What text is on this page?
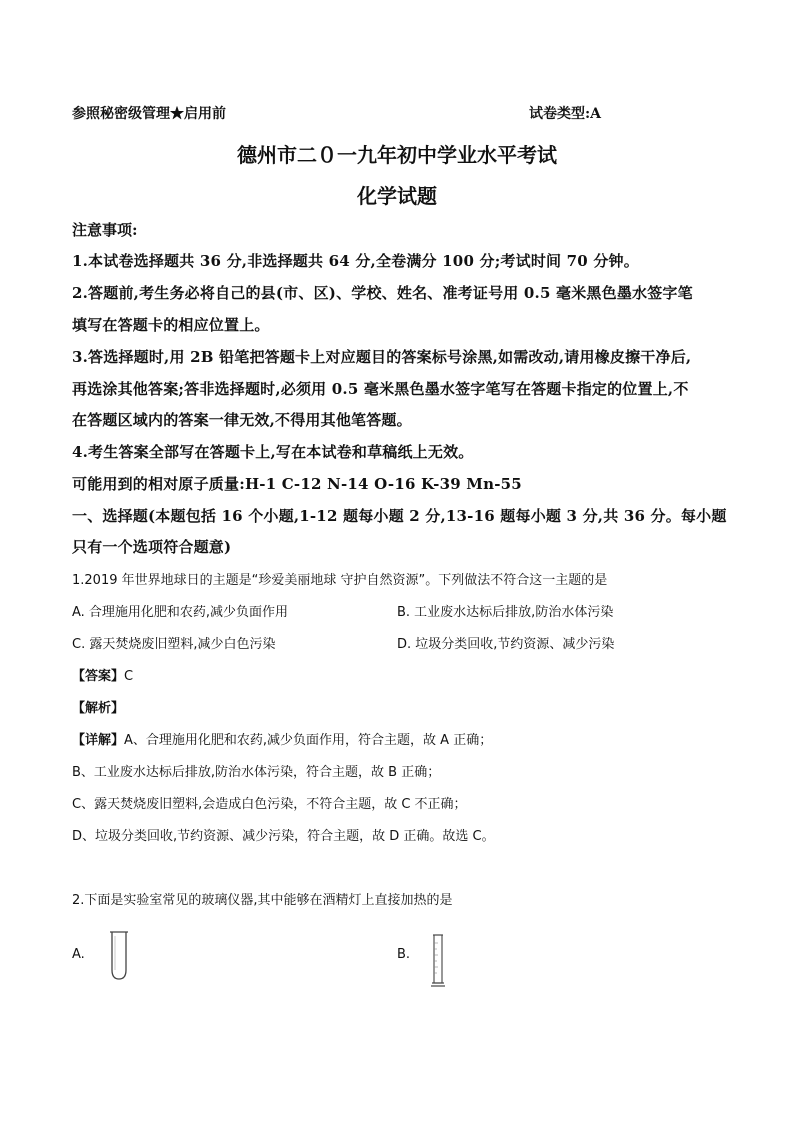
参照秘密级管理★启用前	试卷类型:A
德州市二０一九年初中学业水平考试
化学试题
注意事项:
1.本试卷选择题共 36 分,非选择题共 64 分,全卷满分 100 分;考试时间 70 分钟。
2.答题前,考生务必将自己的县(市、区)、学校、姓名、准考证号用 0.5 毫米黑色墨水签字笔
填写在答题卡的相应位置上。
3.答选择题时,用 2B 铅笔把答题卡上对应题目的答案标号涂黑,如需改动,请用橡皮擦干净后,
再选涂其他答案;答非选择题时,必须用 0.5 毫米黑色墨水签字笔写在答题卡指定的位置上,不
在答题区域内的答案一律无效,不得用其他笔答题。
4.考生答案全部写在答题卡上,写在本试卷和草稿纸上无效。
可能用到的相对原子质量:H-1 C-12 N-14 O-16 K-39 Mn-55
一、选择题(本题包括 16 个小题,1-12 题每小题 2 分,13-16 题每小题 3 分,共 36 分。每小题
只有一个选项符合题意)
1.2019 年世界地球日的主题是“珍爱美丽地球 守护自然资源”。下列做法不符合这一主题的是
A. 合理施用化肥和农药,减少负面作用	B. 工业废水达标后排放,防治水体污染
C. 露天焚烧废旧塑料,减少白色污染	D. 垃圾分类回收,节约资源、减少污染
【答案】C
【解析】
【详解】A、合理施用化肥和农药,减少负面作用，符合主题，故 A 正确；
B、工业废水达标后排放,防治水体污染，符合主题，故 B 正确；
C、露天焚烧废旧塑料,会造成白色污染，不符合主题，故 C 不正确；
D、垃圾分类回收,节约资源、减少污染，符合主题，故 D 正确。故选 C。
2.下面是实验室常见的玻璃仪器,其中能够在酒精灯上直接加热的是
A.	B.
